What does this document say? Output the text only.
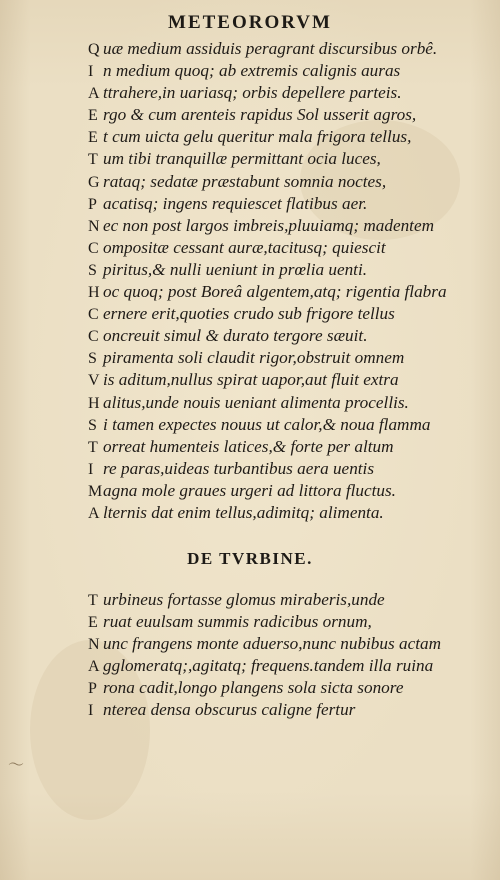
METEORORVM
Q uæ medium assiduis peragrant discursibus orbê.
I n medium quoq; ab extremis calignis auras
A ttrahere,in uariasq; orbis depellere parteis.
E rgo & cum arenteis rapidus Sol usserit agros,
E t cum uicta gelu queritur mala frigora tellus,
T um tibi tranquillæ permittant ocia luces,
G rataq; sedatæ præstabunt somnia noctes,
P acatisq; ingens requiescet flatibus aer.
N ec non post largos imbreis,pluuiamq; madentem
C ompositæ cessant auræ,tacitusq; quiescit
S piritus,& nulli ueniunt in prœlia uenti.
H oc quoq; post Boreâ algentem,atq; rigentia flabra
C ernere erit,quoties crudo sub frigore tellus
C oncreuit simul & durato tergore sæuit.
S piramenta soli claudit rigor,obstruit omnem
V is aditum,nullus spirat uapor,aut fluit extra
H alitus,unde nouis ueniant alimenta procellis.
S i tamen expectes nouus ut calor,& noua flamma
T orreat humenteis latices,& forte per altum
I re paras,uideas turbantibus aera uentis
Magna mole graues urgeri ad littora fluctus.
A lternis dat enim tellus,adimitq; alimenta.
DE TVRBINE.
T urbineus fortasse glomus miraberis,unde
E ruat euulsam summis radicibus ornum,
N unc frangens monte aduerso,nunc nubibus actam
A gglomeratq;,agitatq; frequens.tandem illa ruina
P rona cadit,longo plangens sola sicta sonore
I nterea densa obscurus caligne fertur
〜
